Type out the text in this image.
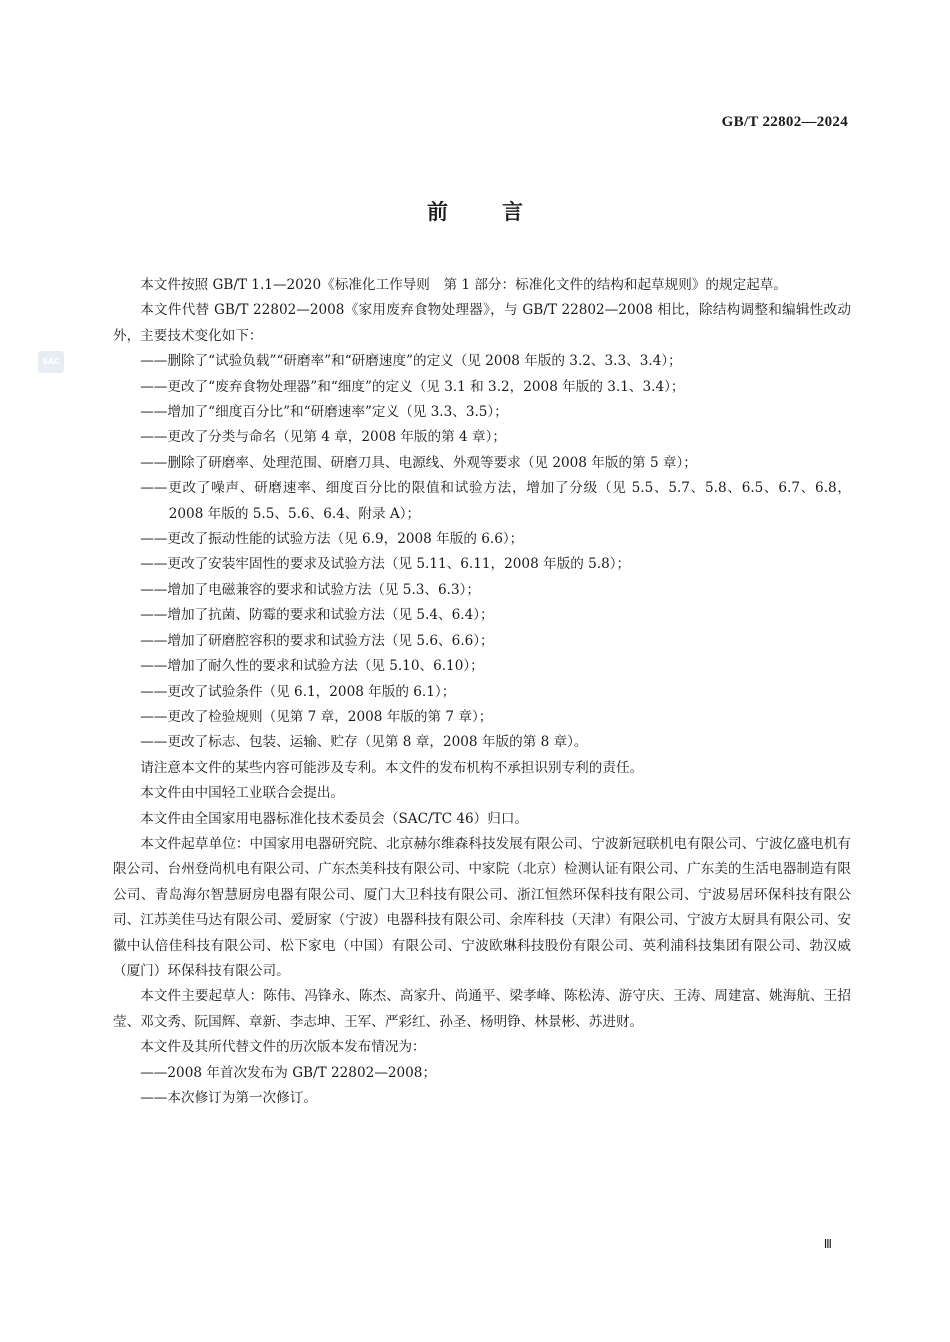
GB/T 22802—2024
前	言
SAC

本文件按照 GB/T 1.1—2020《标准化工作导则　第 1 部分：标准化文件的结构和起草规则》的规定起草。

本文件代替 GB/T 22802—2008《家用废弃食物处理器》，与 GB/T 22802—2008 相比，除结构调整和编辑性改动外，主要技术变化如下：

——删除了“试验负载”“研磨率”和“研磨速度”的定义（见 2008 年版的 3.2、3.3、3.4）；

——更改了“废弃食物处理器”和“细度”的定义（见 3.1 和 3.2，2008 年版的 3.1、3.4）；

——增加了“细度百分比”和“研磨速率”定义（见 3.3、3.5）；

——更改了分类与命名（见第 4 章，2008 年版的第 4 章）；

——删除了研磨率、处理范围、研磨刀具、电源线、外观等要求（见 2008 年版的第 5 章）；

——更改了噪声、研磨速率、细度百分比的限值和试验方法，增加了分级（见 5.5、5.7、5.8、6.5、6.7、6.8，2008 年版的 5.5、5.6、6.4、附录 A）；

——更改了振动性能的试验方法（见 6.9，2008 年版的 6.6）；

——更改了安装牢固性的要求及试验方法（见 5.11、6.11，2008 年版的 5.8）；

——增加了电磁兼容的要求和试验方法（见 5.3、6.3）；

——增加了抗菌、防霉的要求和试验方法（见 5.4、6.4）；

——增加了研磨腔容积的要求和试验方法（见 5.6、6.6）；

——增加了耐久性的要求和试验方法（见 5.10、6.10）；

——更改了试验条件（见 6.1，2008 年版的 6.1）；

——更改了检验规则（见第 7 章，2008 年版的第 7 章）；

——更改了标志、包装、运输、贮存（见第 8 章，2008 年版的第 8 章）。

请注意本文件的某些内容可能涉及专利。本文件的发布机构不承担识别专利的责任。

本文件由中国轻工业联合会提出。

本文件由全国家用电器标准化技术委员会（SAC/TC 46）归口。

本文件起草单位：中国家用电器研究院、北京赫尔维森科技发展有限公司、宁波新冠联机电有限公司、宁波亿盛电机有限公司、台州登尚机电有限公司、广东杰美科技有限公司、中家院（北京）检测认证有限公司、广东美的生活电器制造有限公司、青岛海尔智慧厨房电器有限公司、厦门大卫科技有限公司、浙江恒然环保科技有限公司、宁波易居环保科技有限公司、江苏美佳马达有限公司、爱厨家（宁波）电器科技有限公司、余库科技（天津）有限公司、宁波方太厨具有限公司、安徽中认倍佳科技有限公司、松下家电（中国）有限公司、宁波欧琳科技股份有限公司、英利浦科技集团有限公司、勃汉威（厦门）环保科技有限公司。

本文件主要起草人：陈伟、冯锋永、陈杰、高家升、尚通平、梁孝峰、陈松涛、游守庆、王涛、周建富、姚海航、王招莹、邓文秀、阮国辉、章新、李志坤、王军、严彩红、孙圣、杨明铮、林景彬、苏进财。

本文件及其所代替文件的历次版本发布情况为：

——2008 年首次发布为 GB/T 22802—2008；

——本次修订为第一次修订。

Ⅲ
